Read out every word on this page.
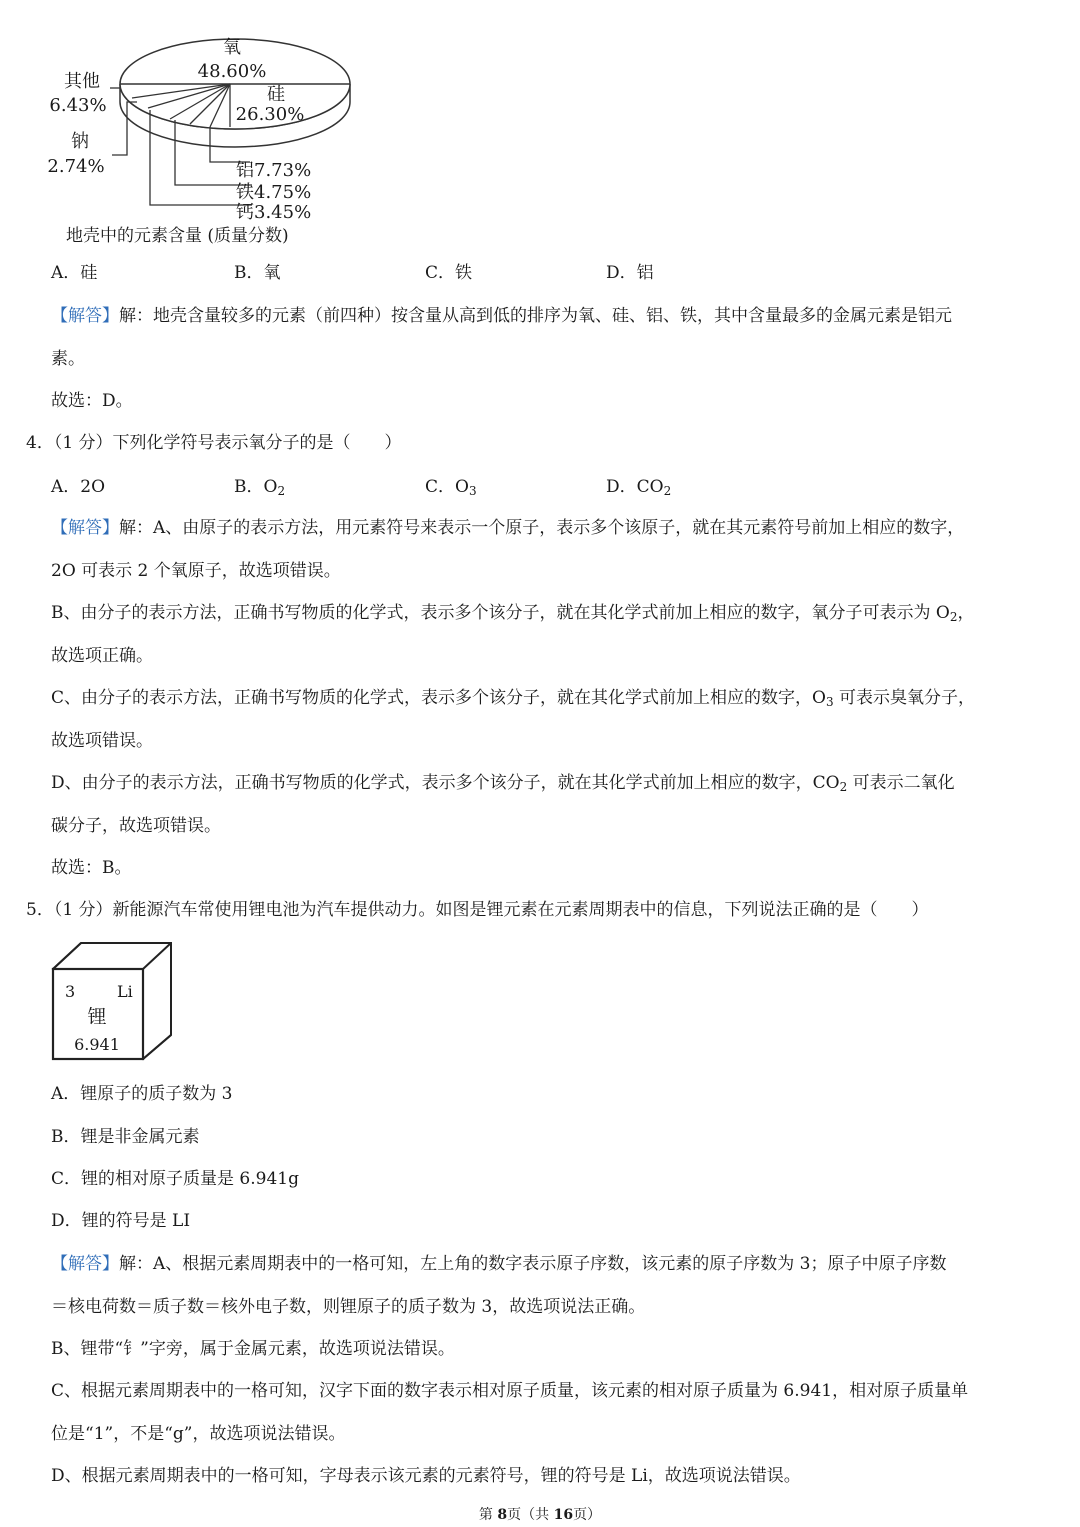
氧
48.60%
硅
26.30%
其他
6.43%
钠
2.74%	铝7.73%
铁4.75%
钙3.45%
地壳中的元素含量 (质量分数)
A．硅	B．氧	C．铁	D．铝
【解答】解：地壳含量较多的元素（前四种）按含量从高到低的排序为氧、硅、铝、铁，其中含量最多的金属元素是铝元
素。
故选：D。
4．（1 分）下列化学符号表示氧分子的是（　　）
A．2O	B．$O_2$	C．$O_3$	D．$CO_2$
【解答】解：A、由原子的表示方法，用元素符号来表示一个原子，表示多个该原子，就在其元素符号前加上相应的数字，
2O 可表示 2 个氧原子，故选项错误。
B、由分子的表示方法，正确书写物质的化学式，表示多个该分子，就在其化学式前加上相应的数字，氧分子可表示为 $O_2$，
故选项正确。
C、由分子的表示方法，正确书写物质的化学式，表示多个该分子，就在其化学式前加上相应的数字，$O_3$ 可表示臭氧分子，
故选项错误。
D、由分子的表示方法，正确书写物质的化学式，表示多个该分子，就在其化学式前加上相应的数字，$CO_2$ 可表示二氧化
碳分子，故选项错误。
故选：B。
5．（1 分）新能源汽车常使用锂电池为汽车提供动力。如图是锂元素在元素周期表中的信息，下列说法正确的是（　　）
3	Li
锂
6.941
A．锂原子的质子数为 3
B．锂是非金属元素
C．锂的相对原子质量是 6.941g
D．锂的符号是 LI
【解答】解：A、根据元素周期表中的一格可知，左上角的数字表示原子序数，该元素的原子序数为 3；原子中原子序数
＝核电荷数＝质子数＝核外电子数，则锂原子的质子数为 3，故选项说法正确。
B、锂带“钅”字旁，属于金属元素，故选项说法错误。
C、根据元素周期表中的一格可知，汉字下面的数字表示相对原子质量，该元素的相对原子质量为 6.941，相对原子质量单
位是“1”，不是“g”，故选项说法错误。
D、根据元素周期表中的一格可知，字母表示该元素的元素符号，锂的符号是 Li，故选项说法错误。
第 8页（共 16页）
